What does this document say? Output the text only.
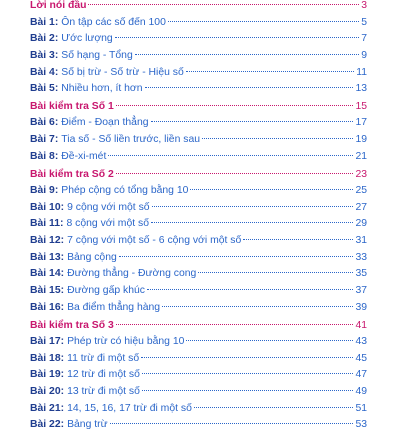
Lời nói đầu	3
Bài 1: Ôn tập các số đến 100	5
Bài 2: Ước lượng	7
Bài 3: Số hạng - Tổng	9
Bài 4: Số bị trừ - Số trừ - Hiệu số	11
Bài 5: Nhiều hơn, ít hơn	13
Bài kiểm tra Số 1	15
Bài 6: Điểm - Đoạn thẳng	17
Bài 7: Tia số - Số liền trước, liền sau	19
Bài 8: Đề-xi-mét	21
Bài kiểm tra Số 2	23
Bài 9: Phép cộng có tổng bằng 10	25
Bài 10: 9 cộng với một số	27
Bài 11: 8 cộng với một số	29
Bài 12: 7 cộng với một số - 6 cộng với một số	31
Bài 13: Bảng cộng	33
Bài 14: Đường thẳng - Đường cong	35
Bài 15: Đường gấp khúc	37
Bài 16: Ba điểm thẳng hàng	39
Bài kiểm tra Số 3	41
Bài 17: Phép trừ có hiệu bằng 10	43
Bài 18: 11 trừ đi một số	45
Bài 19: 12 trừ đi một số	47
Bài 20: 13 trừ đi một số	49
Bài 21: 14, 15, 16, 17 trừ đi một số	51
Bài 22: Bảng trừ	53
